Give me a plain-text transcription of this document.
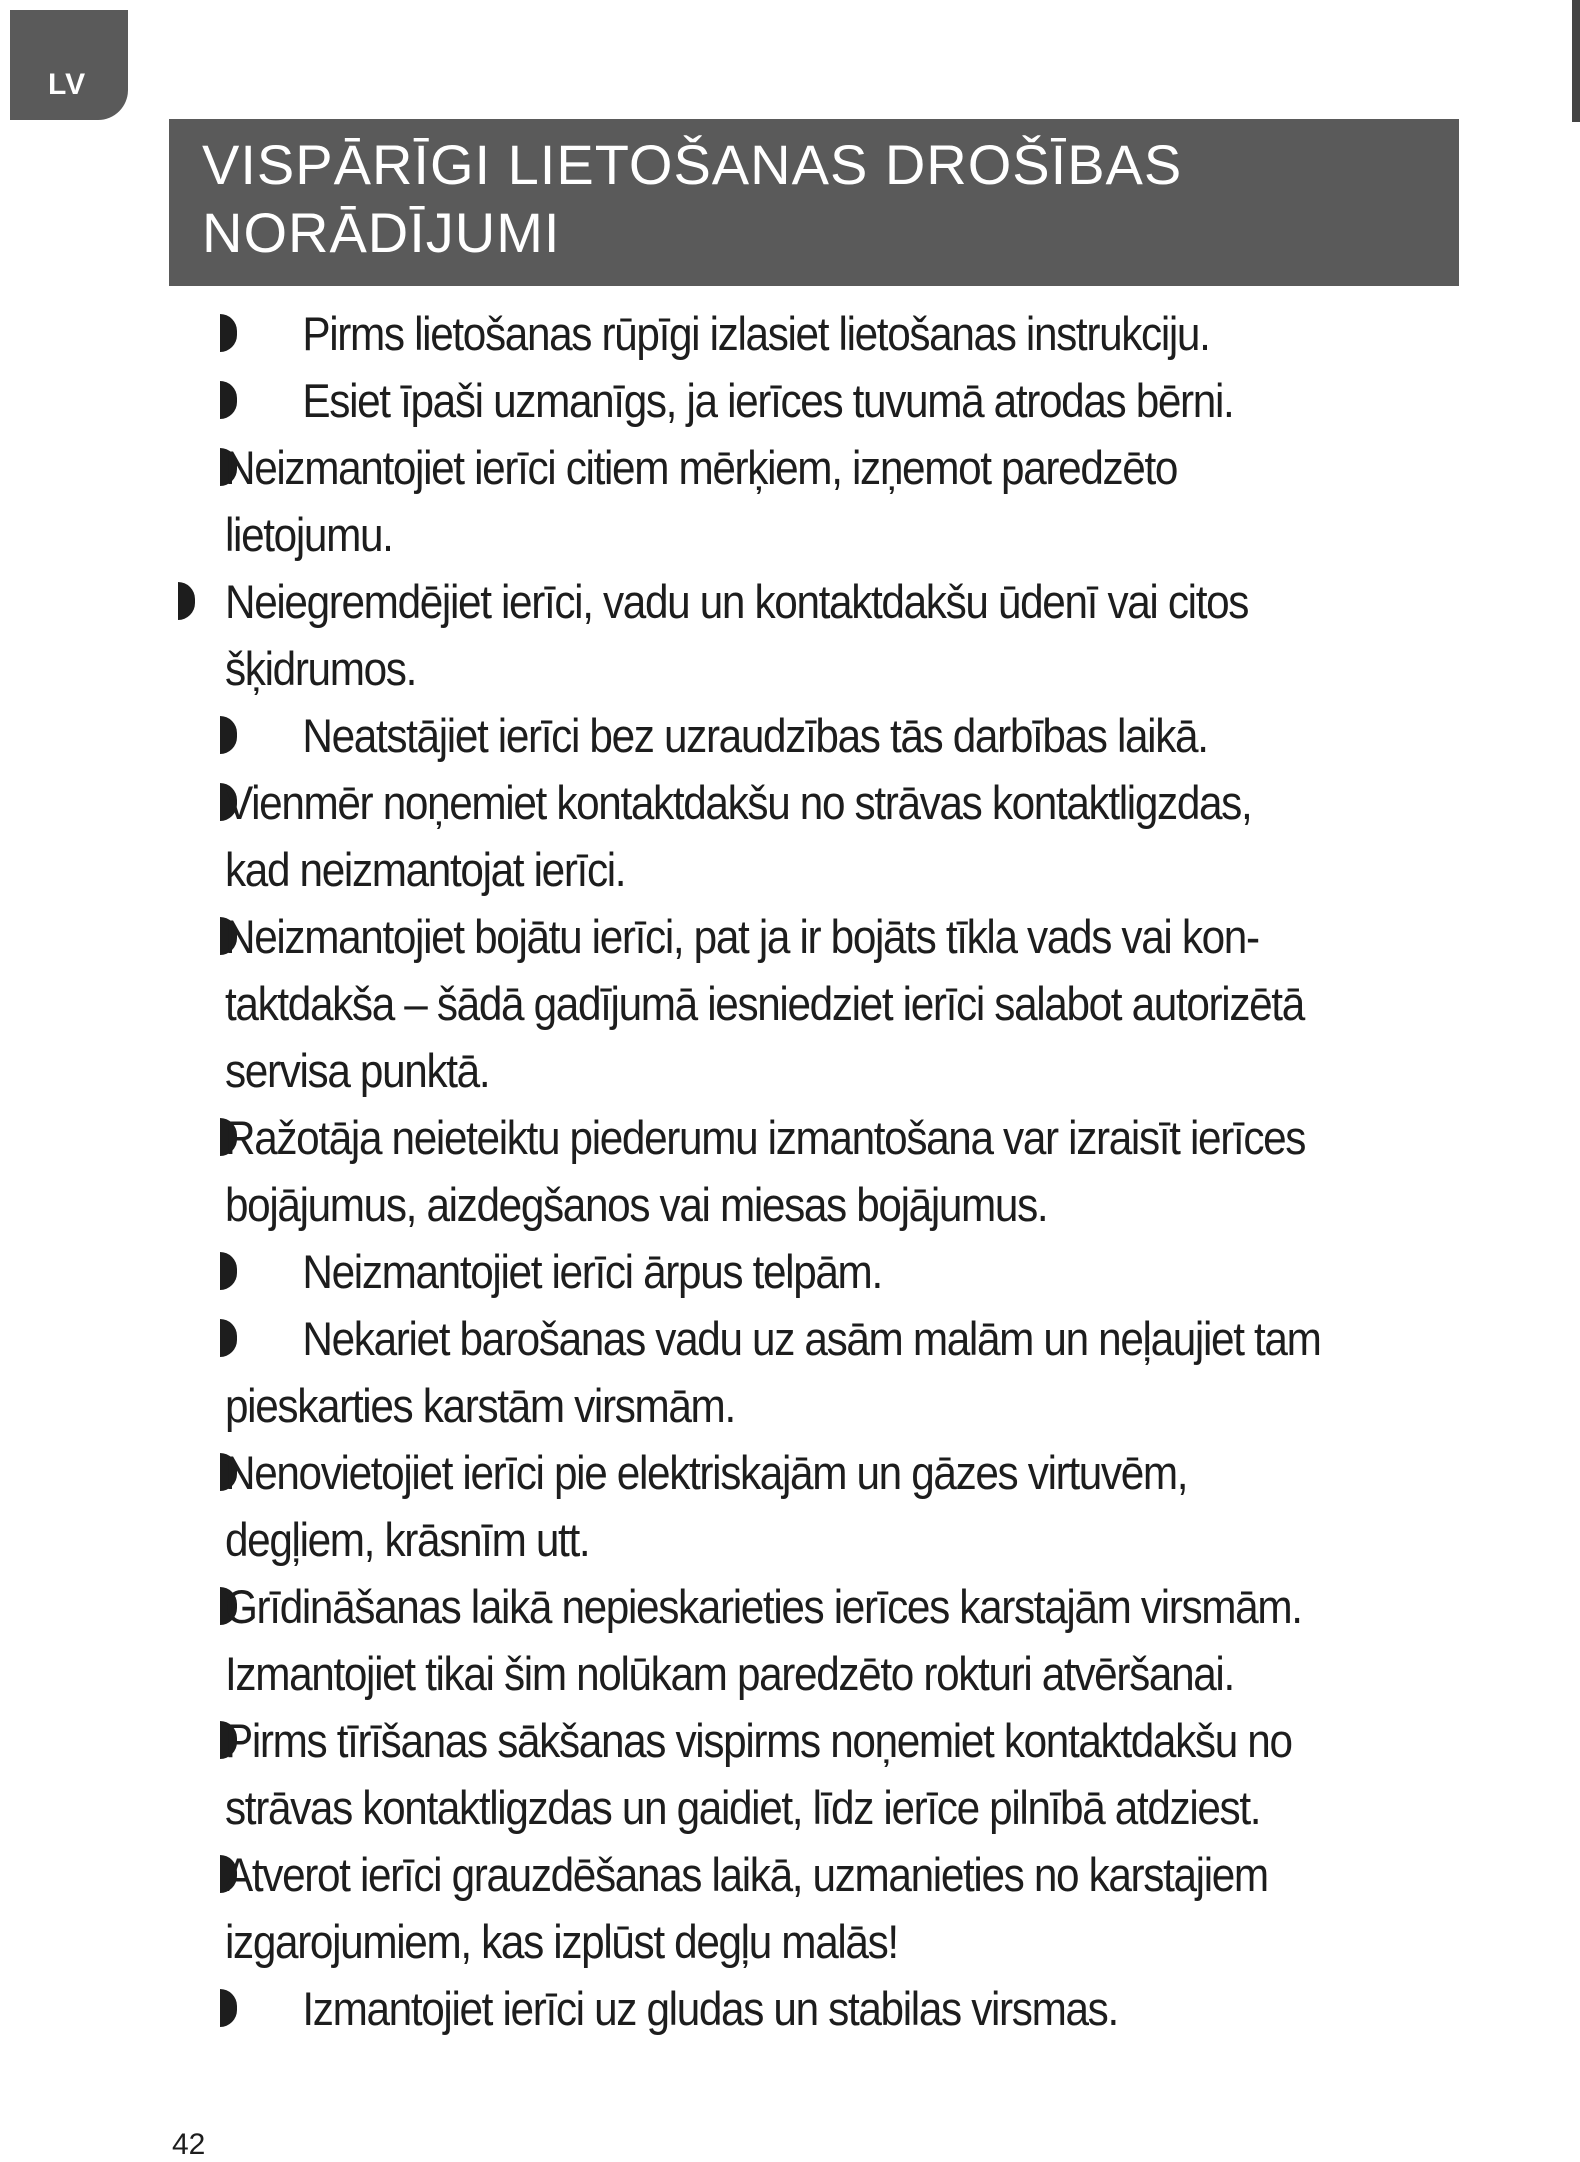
LV
VISPĀRĪGI LIETOŠANAS DROŠĪBAS
NORĀDĪJUMI
Pirms lietošanas rūpīgi izlasiet lietošanas instrukciju.
Esiet īpaši uzmanīgs, ja ierīces tuvumā atrodas bērni.
Neizmantojiet ierīci citiem mērķiem, izņemot paredzēto
lietojumu.
Neiegremdējiet ierīci, vadu un kontaktdakšu ūdenī vai citos
šķidrumos.
Neatstājiet ierīci bez uzraudzības tās darbības laikā.
Vienmēr noņemiet kontaktdakšu no strāvas kontaktligzdas,
kad neizmantojat ierīci.
Neizmantojiet bojātu ierīci, pat ja ir bojāts tīkla vads vai kon-
taktdakša – šādā gadījumā iesniedziet ierīci salabot autorizētā
servisa punktā.
Ražotāja neieteiktu piederumu izmantošana var izraisīt ierīces
bojājumus, aizdegšanos vai miesas bojājumus.
Neizmantojiet ierīci ārpus telpām.
Nekariet barošanas vadu uz asām malām un neļaujiet tam
pieskarties karstām virsmām.
Nenovietojiet ierīci pie elektriskajām un gāzes virtuvēm,
degļiem, krāsnīm utt.
Grīdināšanas laikā nepieskarieties ierīces karstajām virsmām.
Izmantojiet tikai šim nolūkam paredzēto rokturi atvēršanai.
Pirms tīrīšanas sākšanas vispirms noņemiet kontaktdakšu no
strāvas kontaktligzdas un gaidiet, līdz ierīce pilnībā atdziest.
Atverot ierīci grauzdēšanas laikā, uzmanieties no karstajiem
izgarojumiem, kas izplūst degļu malās!
Izmantojiet ierīci uz gludas un stabilas virsmas.
42
